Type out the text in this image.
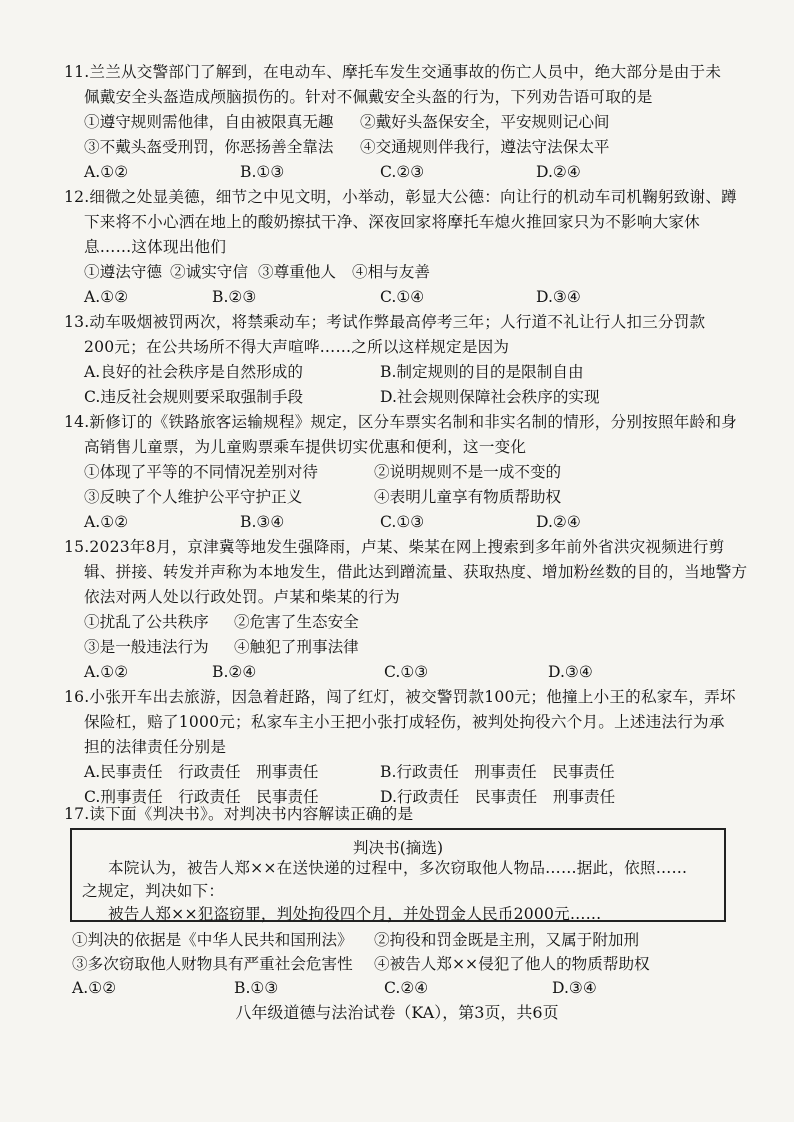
11.兰兰从交警部门了解到，在电动车、摩托车发生交通事故的伤亡人员中，绝大部分是由于未
佩戴安全头盔造成颅脑损伤的。针对不佩戴安全头盔的行为，下列劝告语可取的是
①遵守规则需他律，自由被限真无趣 ②戴好头盔保安全，平安规则记心间
③不戴头盔受刑罚，你恶扬善全靠法 ④交通规则伴我行，遵法守法保太平
A.①②	B.①③	C.②③	D.②④
12.细微之处显美德，细节之中见文明，小举动，彰显大公德：向让行的机动车司机鞠躬致谢、蹲
下来将不小心洒在地上的酸奶擦拭干净、深夜回家将摩托车熄火推回家只为不影响大家休
息……这体现出他们
①遵法守德 ②诚实守信 ③尊重他人 ④相与友善
A.①②	B.②③	C.①④	D.③④
13.动车吸烟被罚两次，将禁乘动车；考试作弊最高停考三年；人行道不礼让行人扣三分罚款
200元；在公共场所不得大声喧哗……之所以这样规定是因为
A.良好的社会秩序是自然形成的	B.制定规则的目的是限制自由
C.违反社会规则要采取强制手段	D.社会规则保障社会秩序的实现
14.新修订的《铁路旅客运输规程》规定，区分车票实名制和非实名制的情形，分别按照年龄和身
高销售儿童票，为儿童购票乘车提供切实优惠和便利，这一变化
①体现了平等的不同情况差别对待	②说明规则不是一成不变的
③反映了个人维护公平守护正义	④表明儿童享有物质帮助权
A.①②	B.③④	C.①③	D.②④
15.2023年8月，京津冀等地发生强降雨，卢某、柴某在网上搜索到多年前外省洪灾视频进行剪
辑、拼接、转发并声称为本地发生，借此达到蹭流量、获取热度、增加粉丝数的目的，当地警方
依法对两人处以行政处罚。卢某和柴某的行为
①扰乱了公共秩序 ②危害了生态安全
③是一般违法行为 ④触犯了刑事法律
A.①②	B.②④	C.①③	D.③④
16.小张开车出去旅游，因急着赶路，闯了红灯，被交警罚款100元；他撞上小王的私家车，弄坏
保险杠，赔了1000元；私家车主小王把小张打成轻伤，被判处拘役六个月。上述违法行为承
担的法律责任分别是
A.民事责任　行政责任　刑事责任	B.行政责任　刑事责任　民事责任
C.刑事责任　行政责任　民事责任	D.行政责任　民事责任　刑事责任
17.读下面《判决书》。对判决书内容解读正确的是
判决书(摘选)
本院认为，被告人郑××在送快递的过程中，多次窃取他人物品……据此，依照……
之规定，判决如下：
被告人郑××犯盗窃罪，判处拘役四个月，并处罚金人民币2000元……
①判决的依据是《中华人民共和国刑法》 ②拘役和罚金既是主刑，又属于附加刑
③多次窃取他人财物具有严重社会危害性 ④被告人郑××侵犯了他人的物质帮助权
A.①②	B.①③	C.②④	D.③④
八年级道德与法治试卷（KA），第3页，共6页
